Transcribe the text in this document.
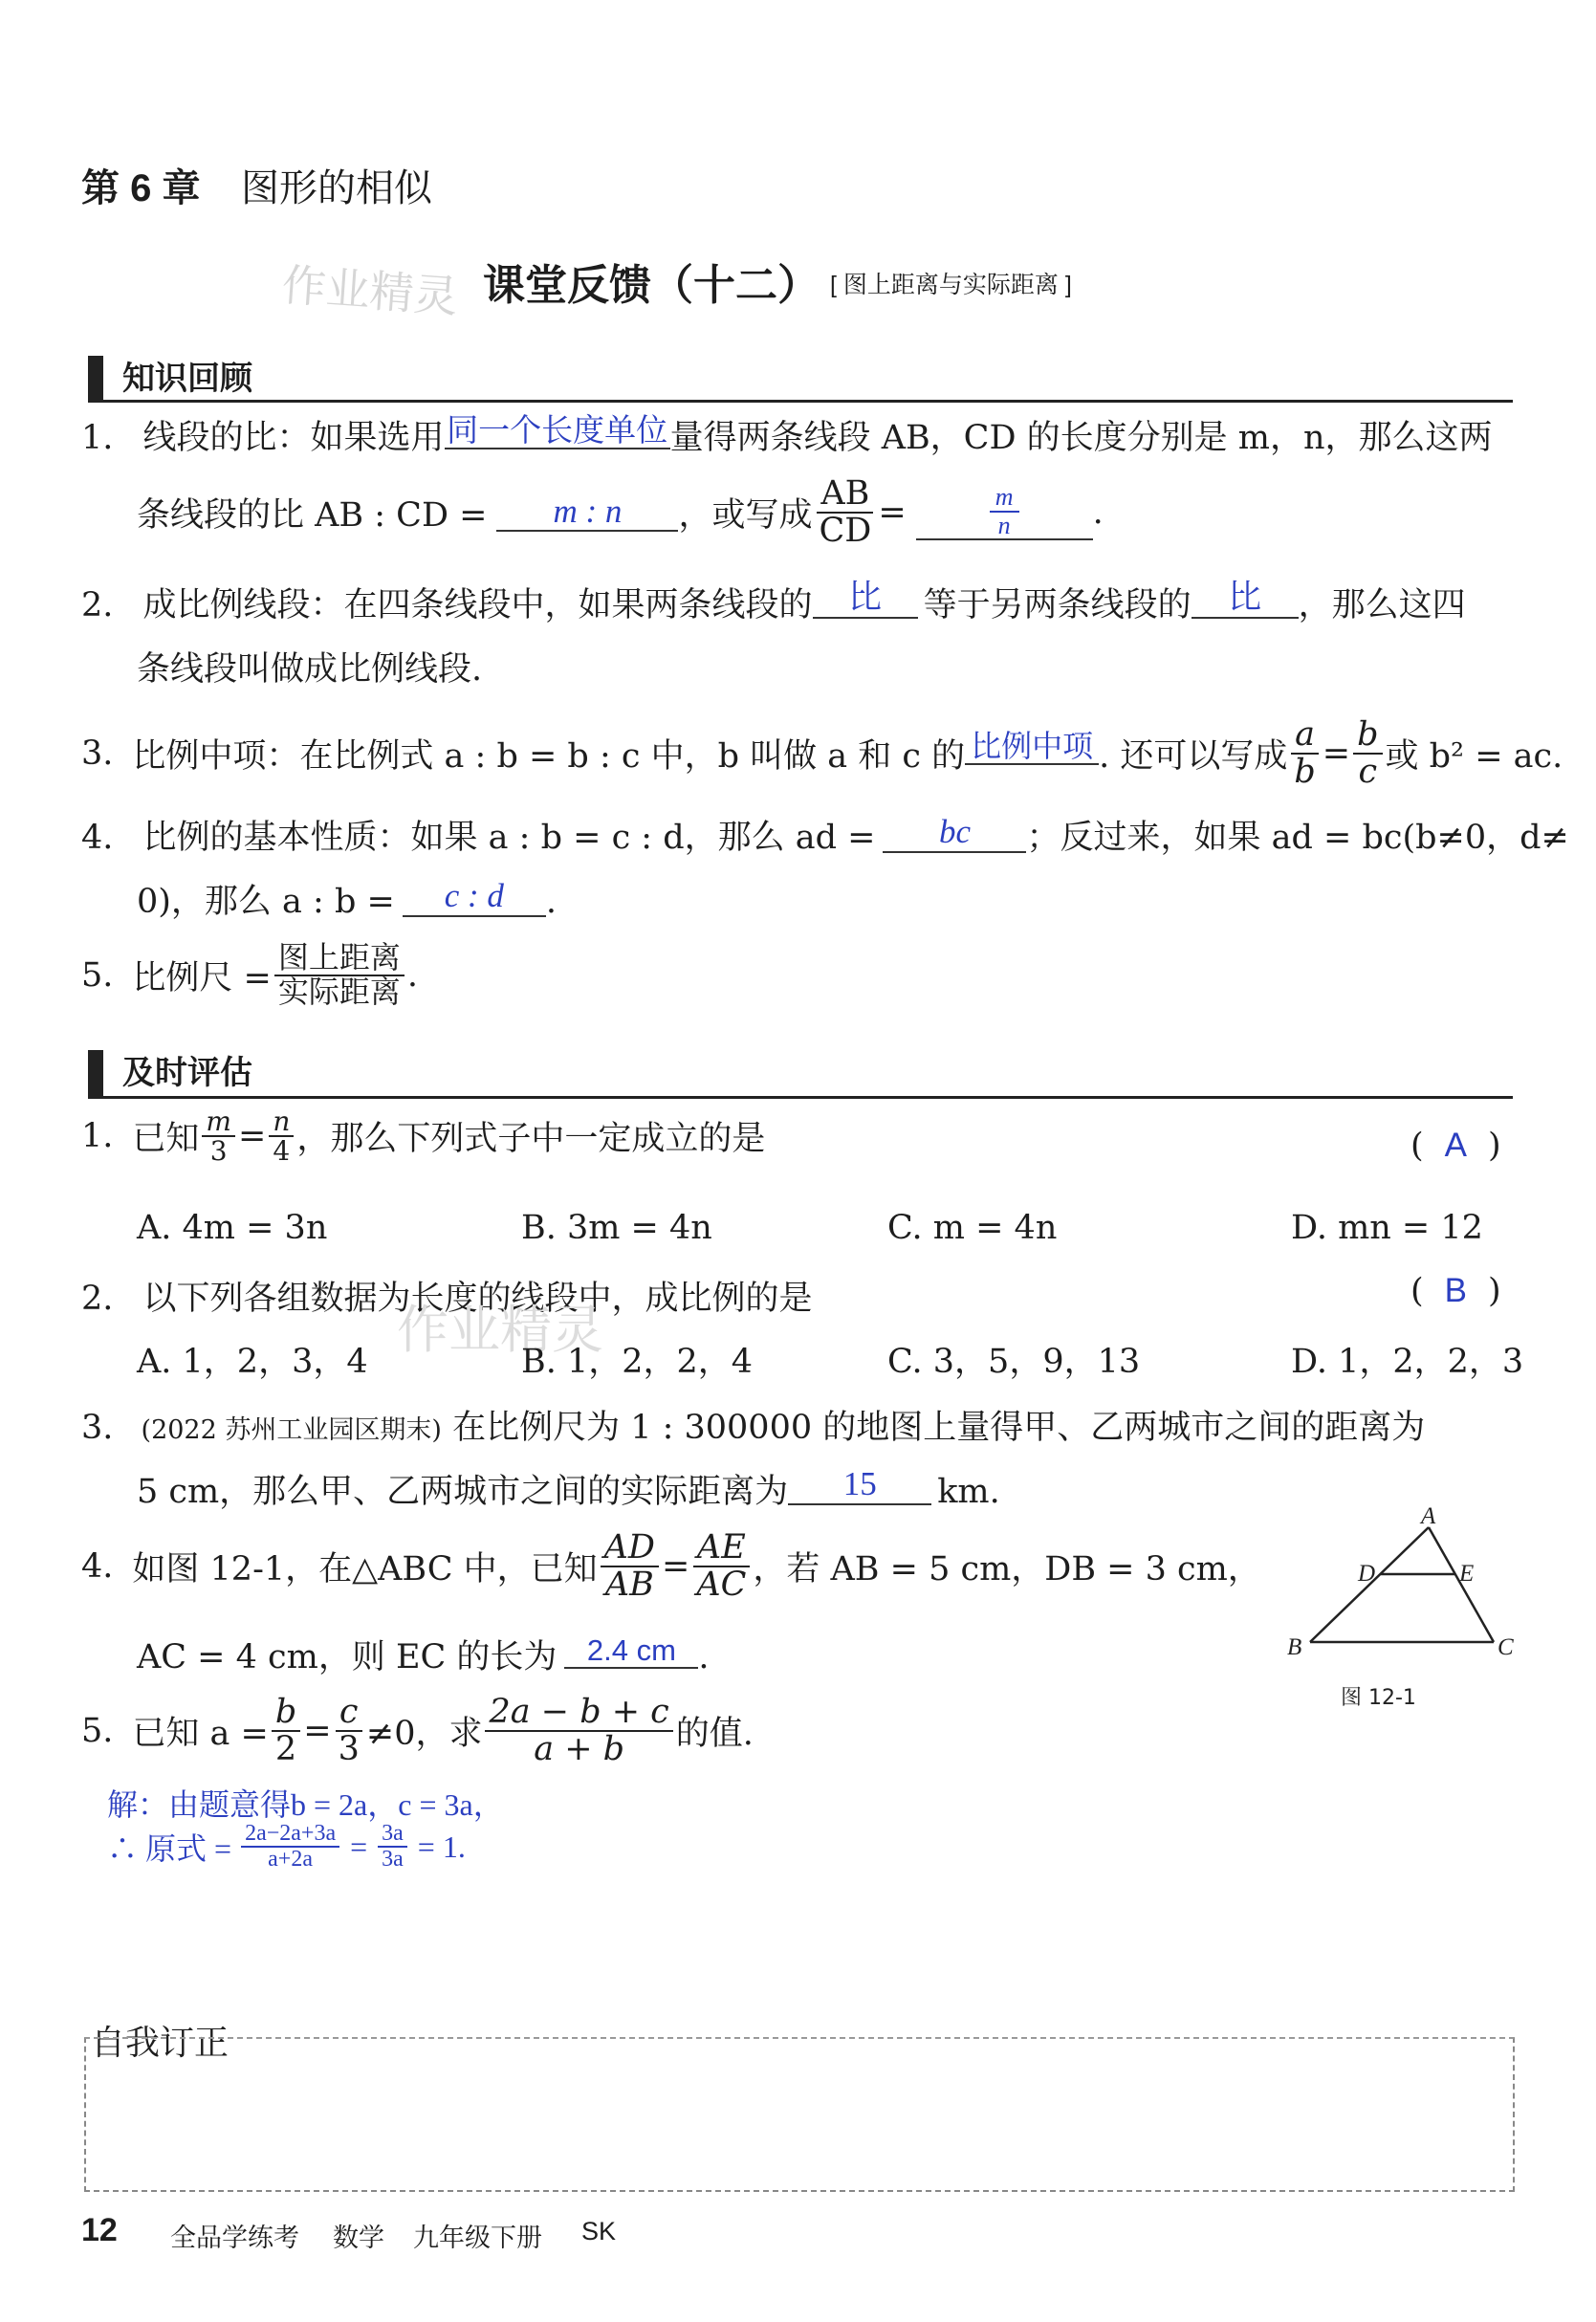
第 6 章 图形的相似
作业精灵 课堂反馈（十二） [ 图上距离与实际距离 ]
知识回顾
1. 线段的比：如果选用同一个长度单位量得两条线段 AB，CD 的长度分别是 m，n，那么这两
条线段的比 AB : CD =	m : n	，或写成 $\frac{AB}{CD} = \frac{m}{n}$ .
2. 成比例线段：在四条线段中，如果两条线段的 比 等于另两条线段的 比 ，那么这四
条线段叫做成比例线段.
3. 比例中项：在比例式 a : b = b : c 中，b 叫做 a 和 c 的 比例中项 . 还可以写成 $\frac{a}{b} = \frac{b}{c}$ 或 b² = ac.
4. 比例的基本性质：如果 a : b = c : d，那么 ad = bc ；反过来，如果 ad = bc(b≠0，d≠
0)，那么 a : b = c : d .
5. 比例尺 = $\frac{\text{图上距离}}{\text{实际距离}}$ .
及时评估
1. 已知 $\frac{m}{3} = \frac{n}{4}$ ，那么下列式子中一定成立的是	( A )
A. 4m = 3n	B. 3m = 4n	C. m = 4n	D. mn = 12
2. 以下列各组数据为长度的线段中，成比例的是
作业精灵
( B )
A. 1，2，3，4	B. 1，2，2，4	C. 3，5，9，13	D. 1，2，2，3
3. (2022 苏州工业园区期末) 在比例尺为 1 : 300000 的地图上量得甲、乙两城市之间的距离为
5 cm，那么甲、乙两城市之间的实际距离为 15 km.
4. 如图 12-1，在△ABC 中，已知 $\frac{AD}{AB} = \frac{AE}{AC}$ ，若 AB = 5 cm，DB = 3 cm，
AC = 4 cm，则 EC 的长为 2.4 cm .
A
D	E
B	C
图 12-1
5. 已知 $a = \frac{b}{2} = \frac{c}{3} \ne 0$，求 $\frac{2a - b + c}{a + b}$ 的值.
解：由题意得b = 2a，c = 3a，
∴ 原式 = $\frac{2a-2a+3a}{a+2a} = \frac{3a}{3a} = 1$.
自我订正
12 全品学练考 数学 九年级下册 SK
